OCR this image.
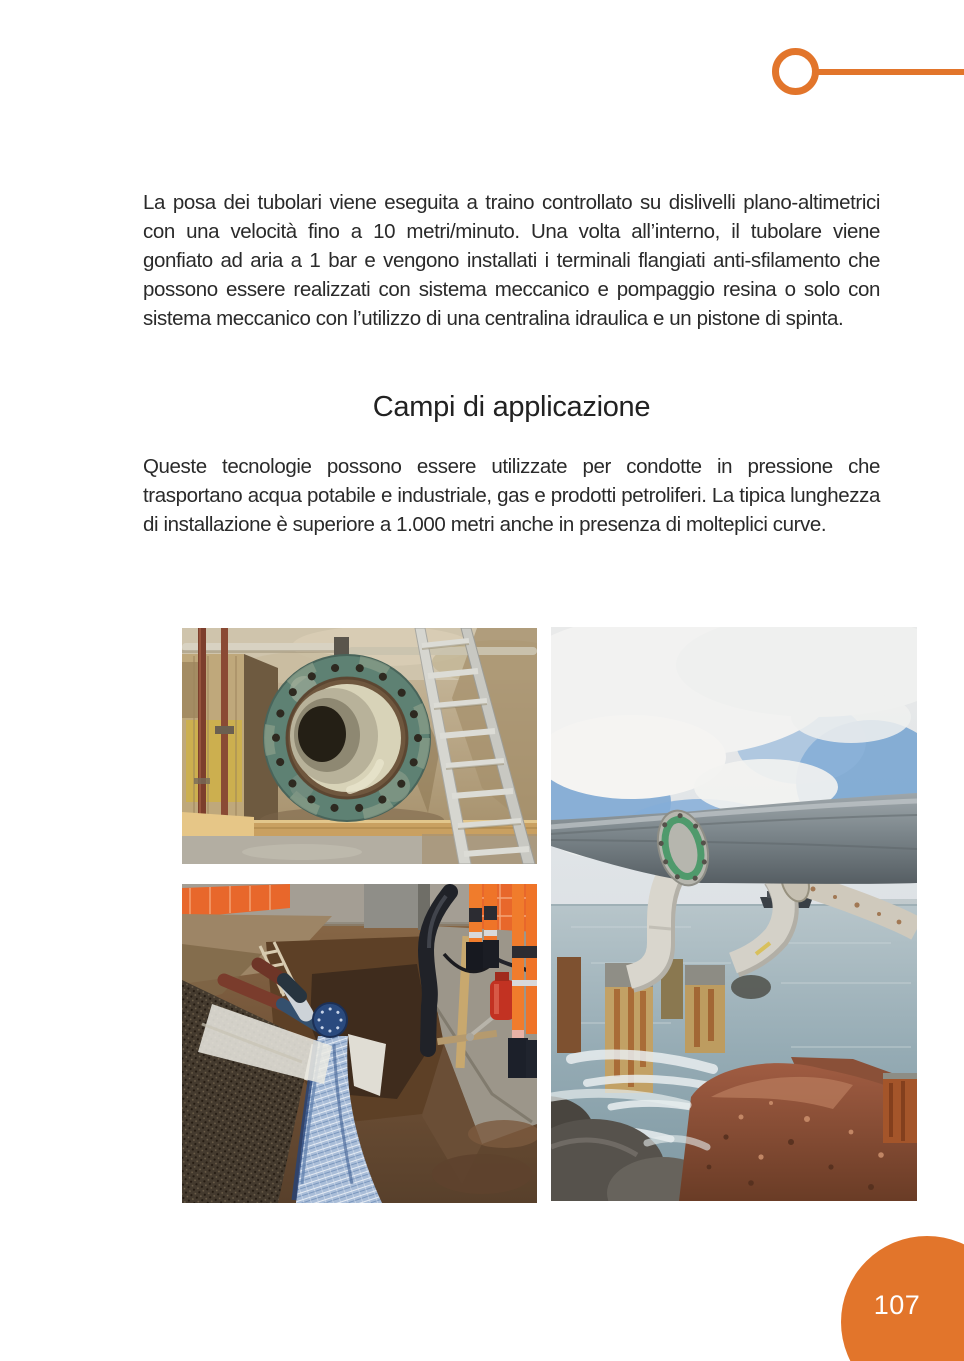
La posa dei tubolari viene eseguita a traino controllato su dislivelli plano-altimetrici con una velocità fino a 10 metri/minuto. Una volta all’interno, il tubolare viene gonfiato ad aria a 1 bar e vengono installati i terminali flangiati anti-sfilamento che possono essere realizzati con sistema meccanico e pompaggio resina o solo con sistema meccanico con l’utilizzo di una centralina idraulica e un pistone di spinta.

Campi di applicazione

Queste tecnologie possono essere utilizzate per condotte in pressione che trasportano acqua potabile e industriale, gas e prodotti petroliferi. La tipica lunghezza di installazione è superiore a 1.000 metri anche in presenza di molteplici curve.

107
